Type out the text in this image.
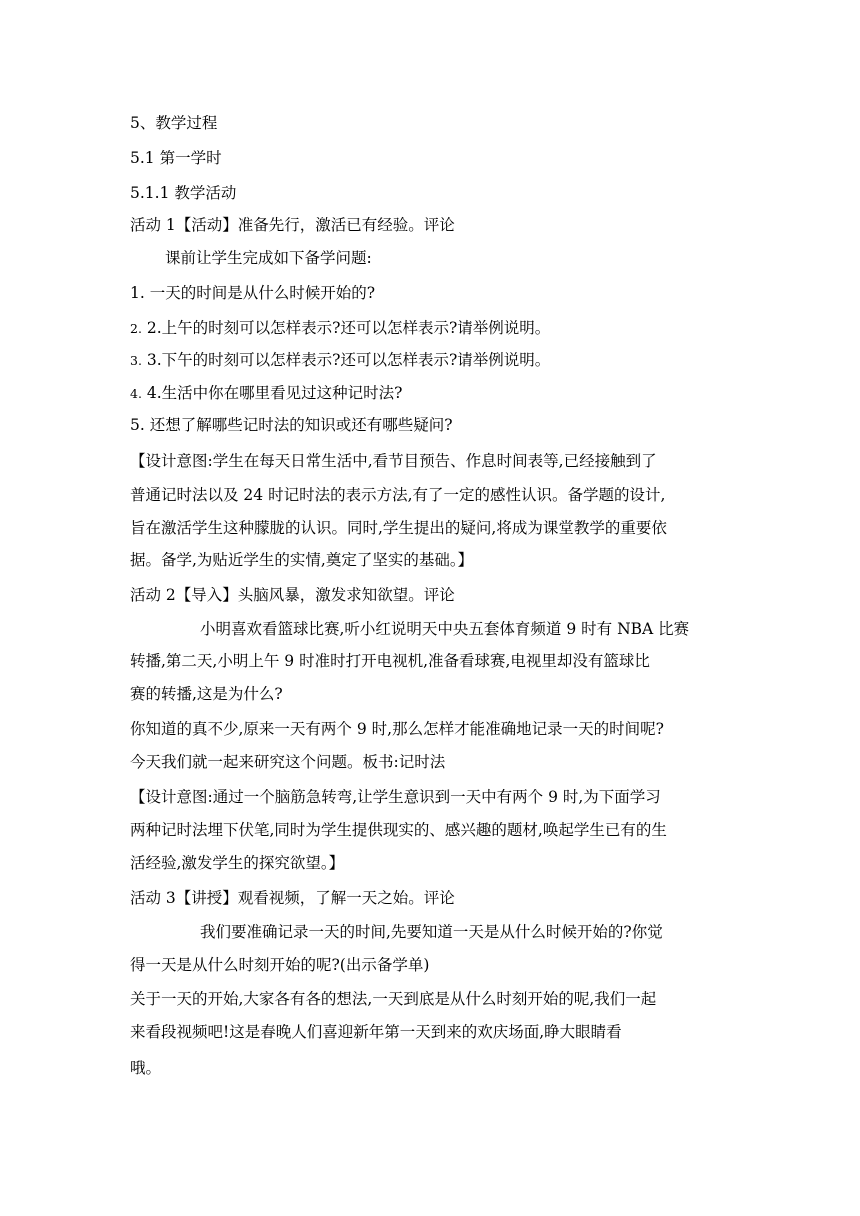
5、教学过程
5.1 第一学时
5.1.1 教学活动
活动 1【活动】准备先行，激活已有经验。评论
课前让学生完成如下备学问题:
1. 一天的时间是从什么时候开始的?
2. 2.上午的时刻可以怎样表示?还可以怎样表示?请举例说明。
3. 3.下午的时刻可以怎样表示?还可以怎样表示?请举例说明。
4. 4.生活中你在哪里看见过这种记时法?
5. 还想了解哪些记时法的知识或还有哪些疑问?
【设计意图:学生在每天日常生活中,看节目预告、作息时间表等,已经接触到了
普通记时法以及 24 时记时法的表示方法,有了一定的感性认识。备学题的设计,
旨在激活学生这种朦胧的认识。同时,学生提出的疑问,将成为课堂教学的重要依
据。备学,为贴近学生的实情,奠定了坚实的基础。】
活动 2【导入】头脑风暴，激发求知欲望。评论
小明喜欢看篮球比赛,听小红说明天中央五套体育频道 9 时有 NBA 比赛
转播,第二天,小明上午 9 时准时打开电视机,准备看球赛,电视里却没有篮球比
赛的转播,这是为什么?
你知道的真不少,原来一天有两个 9 时,那么怎样才能准确地记录一天的时间呢?
今天我们就一起来研究这个问题。板书:记时法
【设计意图:通过一个脑筋急转弯,让学生意识到一天中有两个 9 时,为下面学习
两种记时法埋下伏笔,同时为学生提供现实的、感兴趣的题材,唤起学生已有的生
活经验,激发学生的探究欲望。】
活动 3【讲授】观看视频，了解一天之始。评论
我们要准确记录一天的时间,先要知道一天是从什么时候开始的?你觉
得一天是从什么时刻开始的呢?(出示备学单)
关于一天的开始,大家各有各的想法,一天到底是从什么时刻开始的呢,我们一起
来看段视频吧!这是春晚人们喜迎新年第一天到来的欢庆场面,睁大眼睛看
哦。
